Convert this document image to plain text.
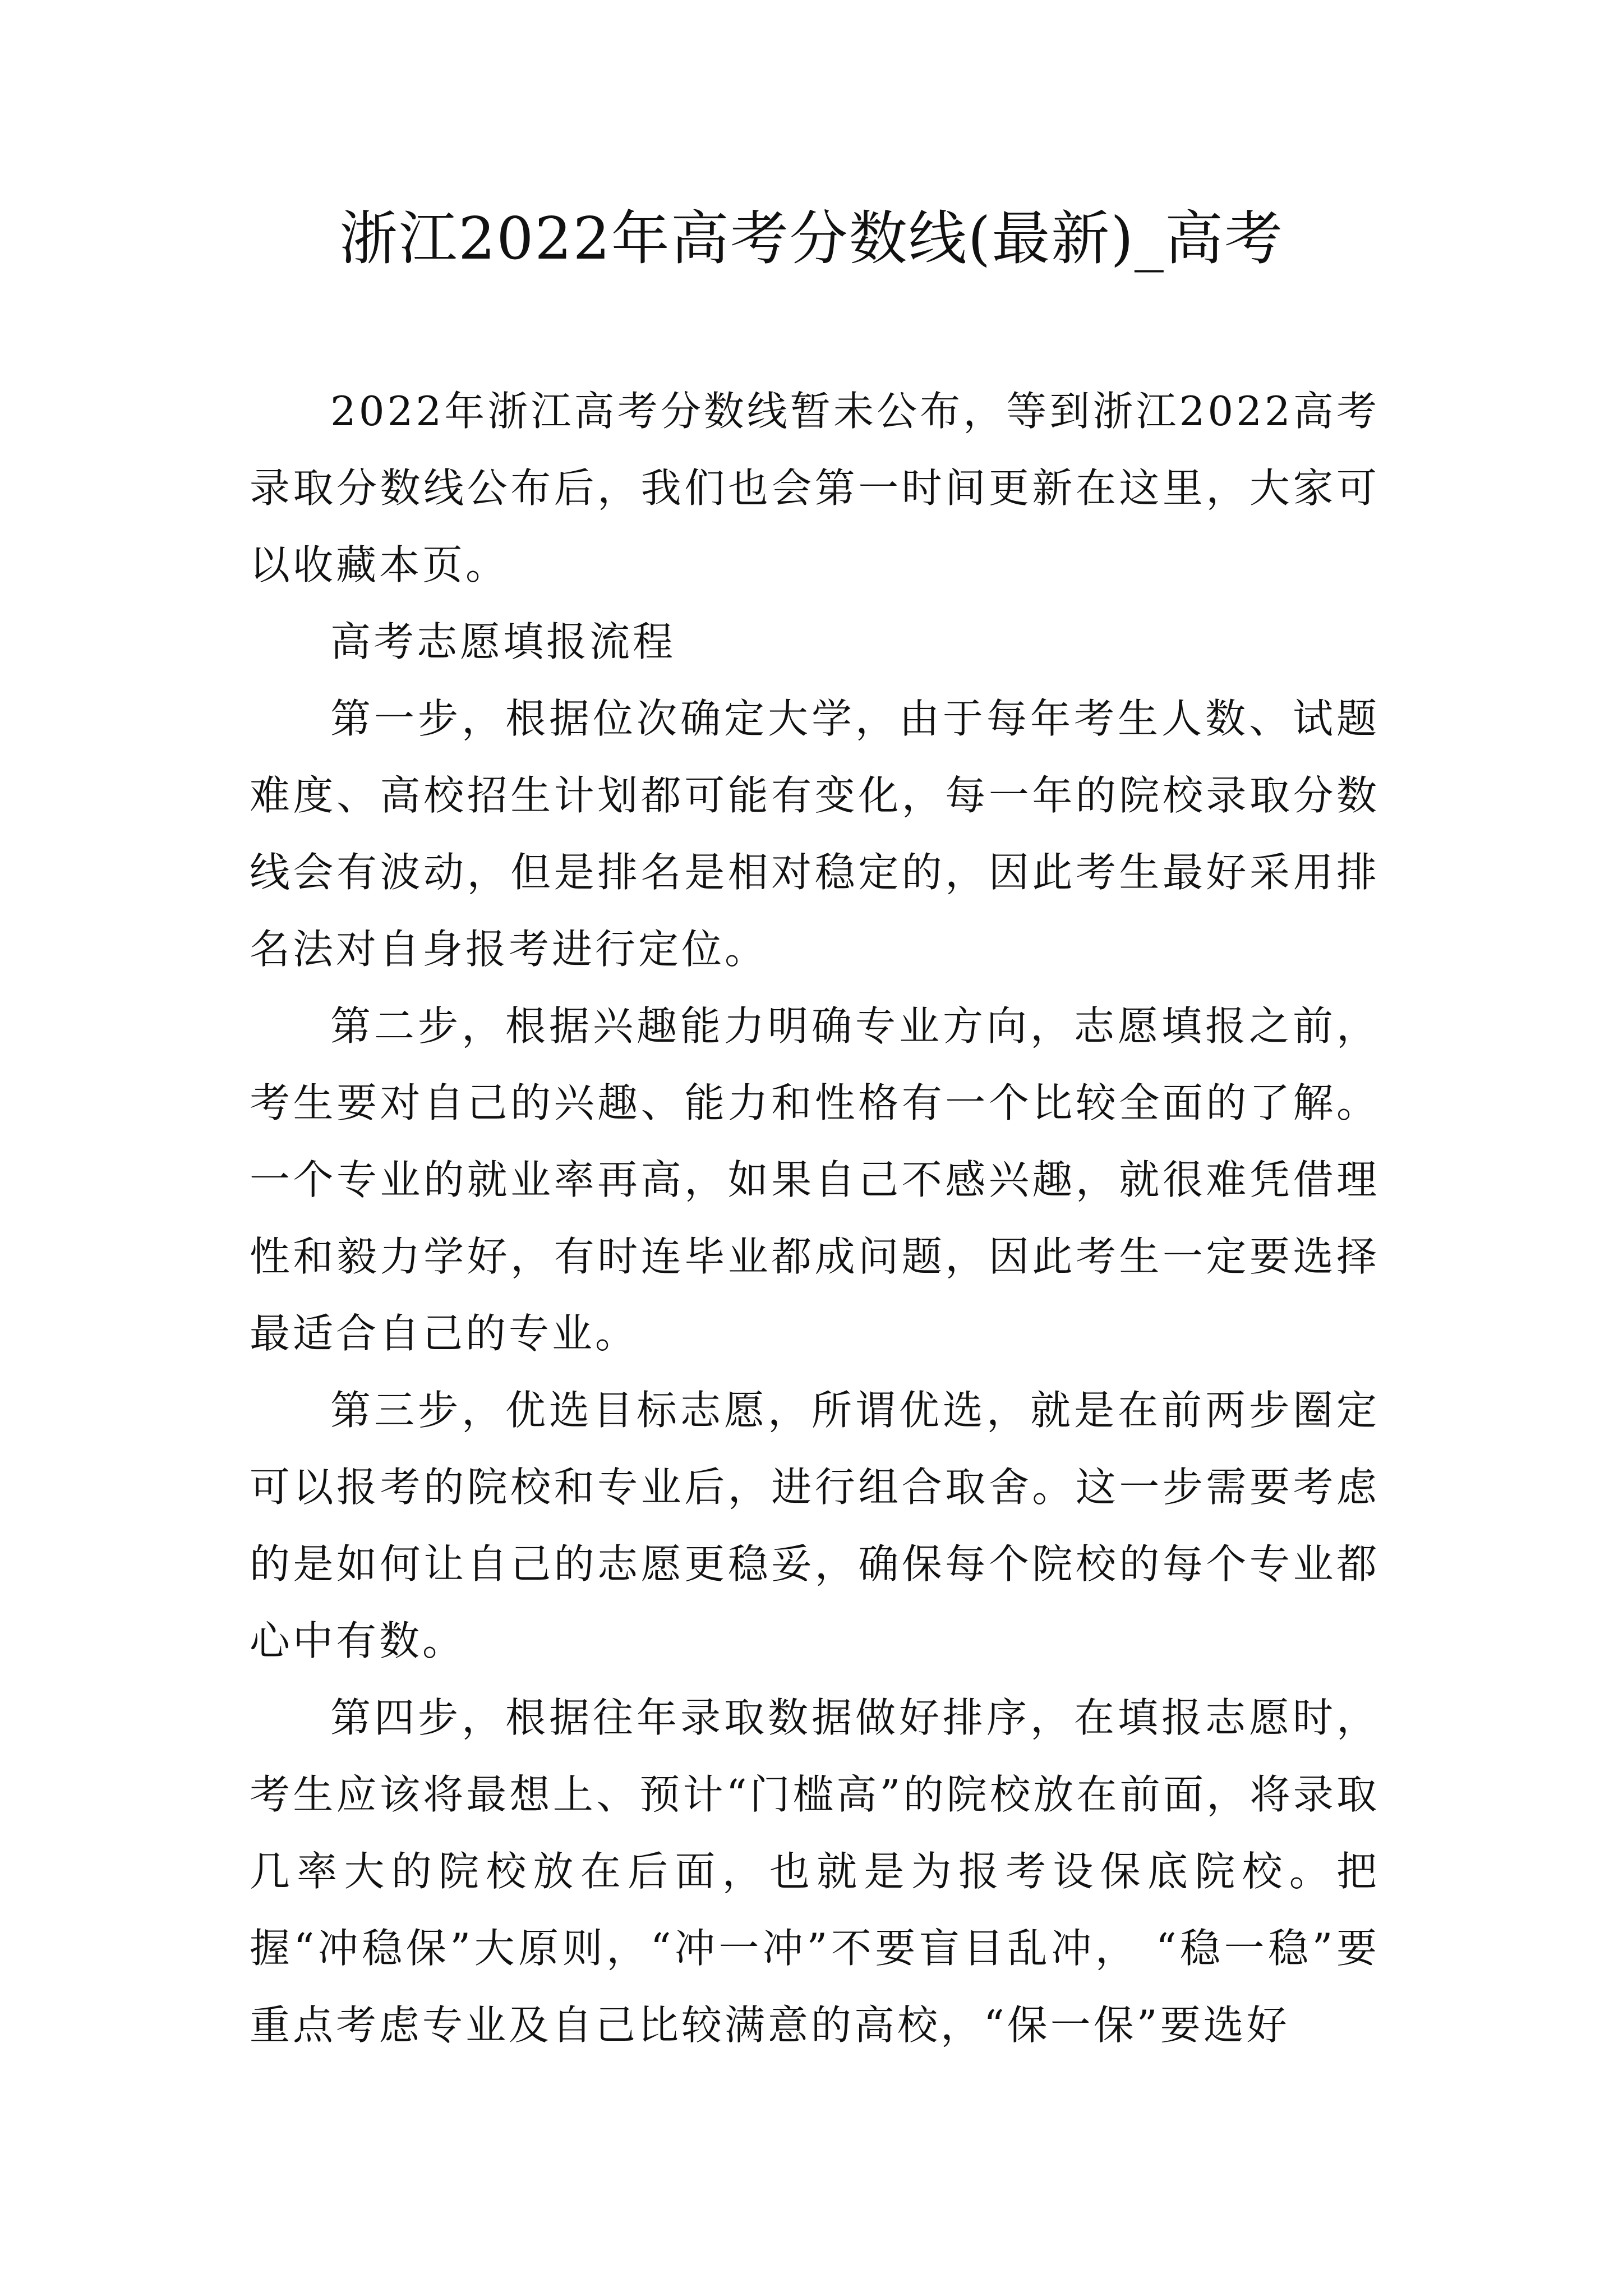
浙江2022年高考分数线(最新)_高考

2022年浙江高考分数线暂未公布，等到浙江2022高考录取分数线公布后，我们也会第一时间更新在这里，大家可以收藏本页。

高考志愿填报流程

第一步，根据位次确定大学，由于每年考生人数、试题难度、高校招生计划都可能有变化，每一年的院校录取分数线会有波动，但是排名是相对稳定的，因此考生最好采用排名法对自身报考进行定位。

第二步，根据兴趣能力明确专业方向，志愿填报之前，考生要对自己的兴趣、能力和性格有一个比较全面的了解。一个专业的就业率再高，如果自己不感兴趣，就很难凭借理性和毅力学好，有时连毕业都成问题，因此考生一定要选择最适合自己的专业。

第三步，优选目标志愿，所谓优选，就是在前两步圈定可以报考的院校和专业后，进行组合取舍。这一步需要考虑的是如何让自己的志愿更稳妥，确保每个院校的每个专业都心中有数。

第四步，根据往年录取数据做好排序，在填报志愿时，考生应该将最想上、预计“门槛高”的院校放在前面，将录取几率大的院校放在后面，也就是为报考设保底院校。把握“冲稳保”大原则，“冲一冲”不要盲目乱冲， “稳一稳”要重点考虑专业及自己比较满意的高校，“保一保”要选好
